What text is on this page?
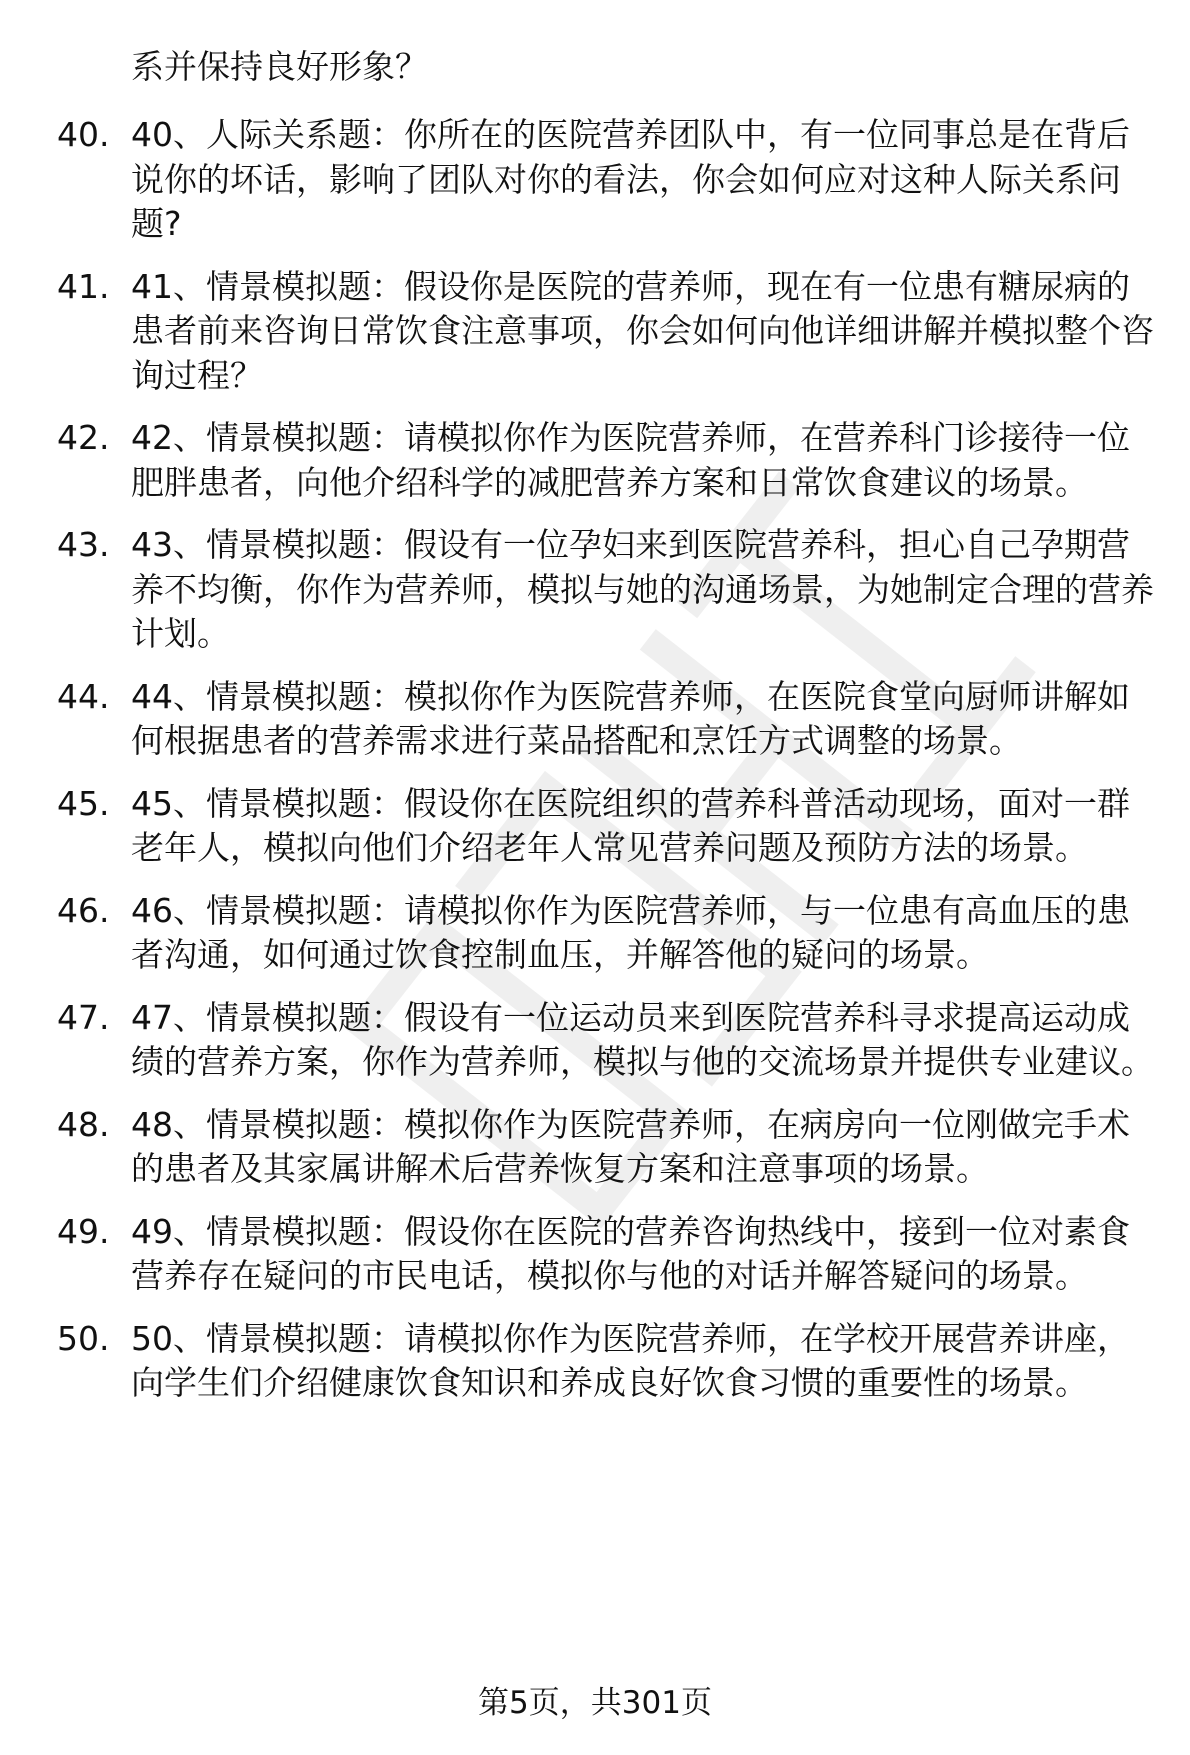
系并保持良好形象？
40. 40、人际关系题：你所在的医院营养团队中，有一位同事总是在背后说你的坏话，影响了团队对你的看法，你会如何应对这种人际关系问题?
41. 41、情景模拟题：假设你是医院的营养师，现在有一位患有糖尿病的患者前来咨询日常饮食注意事项，你会如何向他详细讲解并模拟整个咨询过程？
42. 42、情景模拟题：请模拟你作为医院营养师，在营养科门诊接待一位肥胖患者，向他介绍科学的减肥营养方案和日常饮食建议的场景。
43. 43、情景模拟题：假设有一位孕妇来到医院营养科，担心自己孕期营养不均衡，你作为营养师，模拟与她的沟通场景，为她制定合理的营养计划。
44. 44、情景模拟题：模拟你作为医院营养师，在医院食堂向厨师讲解如何根据患者的营养需求进行菜品搭配和烹饪方式调整的场景。
45. 45、情景模拟题：假设你在医院组织的营养科普活动现场，面对一群老年人，模拟向他们介绍老年人常见营养问题及预防方法的场景。
46. 46、情景模拟题：请模拟你作为医院营养师，与一位患有高血压的患者沟通，如何通过饮食控制血压，并解答他的疑问的场景。
47. 47、情景模拟题：假设有一位运动员来到医院营养科寻求提高运动成绩的营养方案，你作为营养师，模拟与他的交流场景并提供专业建议。
48. 48、情景模拟题：模拟你作为医院营养师，在病房向一位刚做完手术的患者及其家属讲解术后营养恢复方案和注意事项的场景。
49. 49、情景模拟题：假设你在医院的营养咨询热线中，接到一位对素食营养存在疑问的市民电话，模拟你与他的对话并解答疑问的场景。
50. 50、情景模拟题：请模拟你作为医院营养师，在学校开展营养讲座，向学生们介绍健康饮食知识和养成良好饮食习惯的重要性的场景。
第5页，共301页
